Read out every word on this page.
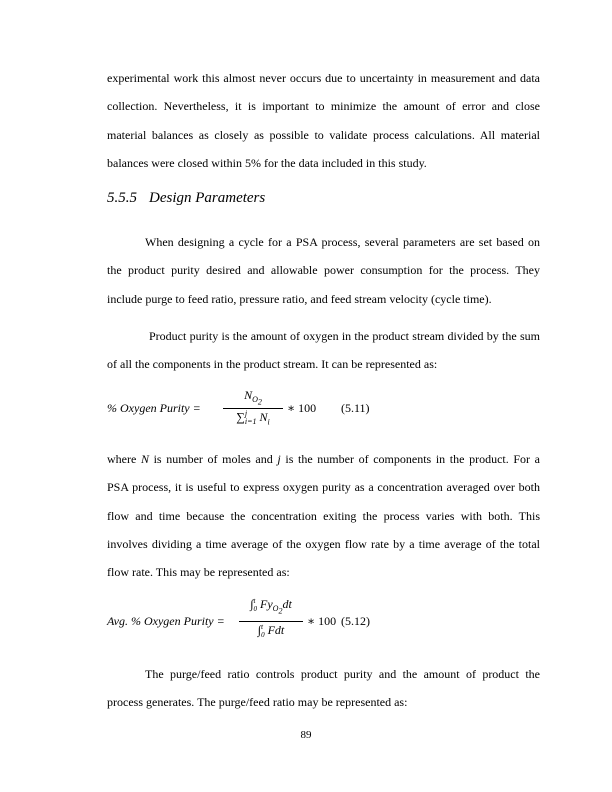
experimental work this almost never occurs due to uncertainty in measurement and data
collection. Nevertheless, it is important to minimize the amount of error and close
material balances as closely as possible to validate process calculations. All material
balances were closed within 5% for the data included in this study.
5.5.5 Design Parameters
When designing a cycle for a PSA process, several parameters are set based on
the product purity desired and allowable power consumption for the process. They
include purge to feed ratio, pressure ratio, and feed stream velocity (cycle time).
Product purity is the amount of oxygen in the product stream divided by the sum
of all the components in the product stream. It can be represented as:
% Oxygen Purity =
$N_{O_2}$
∑ j
i=1 $N_i$
∗ 100 (5.11)
where N is number of moles and j is the number of components in the product. For a
PSA process, it is useful to express oxygen purity as a concentration averaged over both
flow and time because the concentration exiting the process varies with both. This
involves dividing a time average of the oxygen flow rate by a time average of the total
flow rate. This may be represented as:
Avg. % Oxygen Purity =
∫ t
0 $Fy_{O_2}dt$
∫ t
0 Fdt
∗ 100 (5.12)
The purge/feed ratio controls product purity and the amount of product the
process generates. The purge/feed ratio may be represented as:
89
